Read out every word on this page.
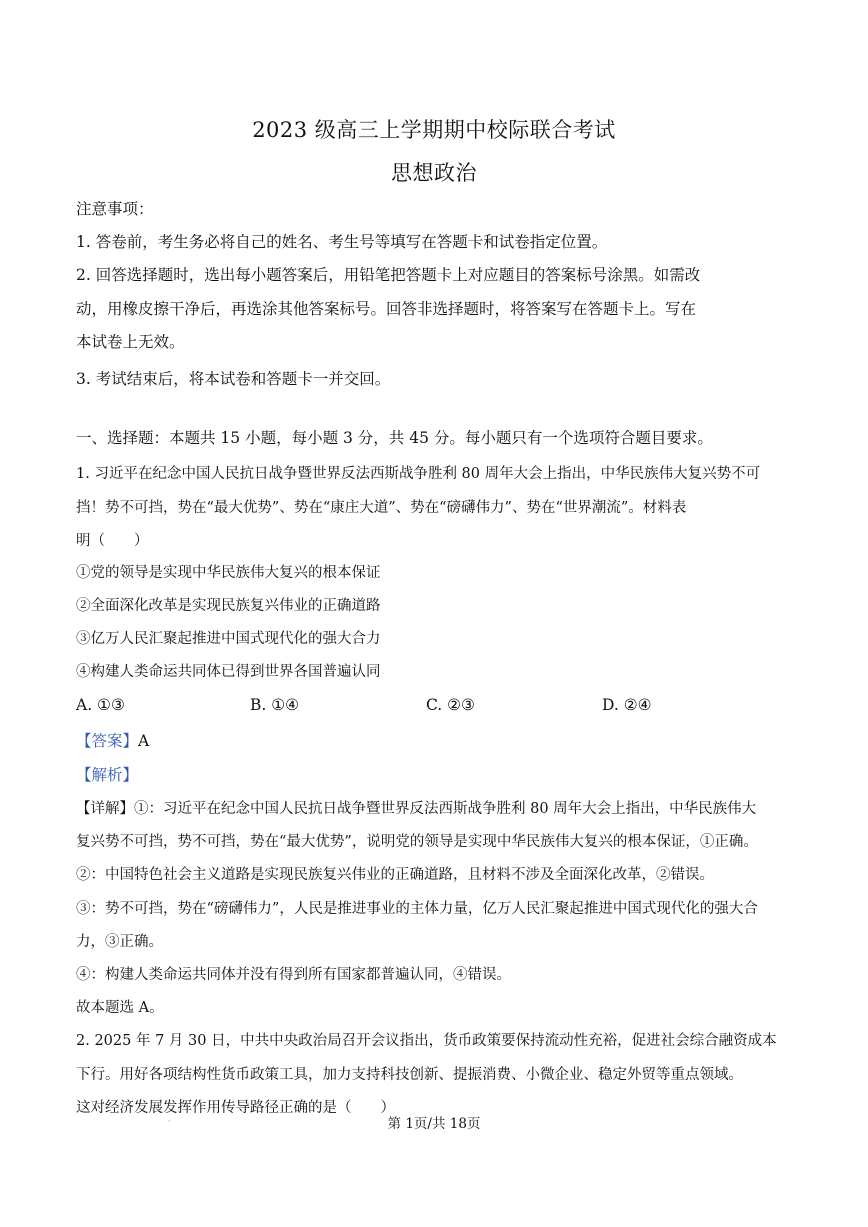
2023 级高三上学期期中校际联合考试
思想政治
注意事项：
1. 答卷前，考生务必将自己的姓名、考生号等填写在答题卡和试卷指定位置。
2. 回答选择题时，选出每小题答案后，用铅笔把答题卡上对应题目的答案标号涂黑。如需改
动，用橡皮擦干净后，再选涂其他答案标号。回答非选择题时，将答案写在答题卡上。写在
本试卷上无效。
3. 考试结束后，将本试卷和答题卡一并交回。
一、选择题：本题共 15 小题，每小题 3 分，共 45 分。每小题只有一个选项符合题目要求。
1. 习近平在纪念中国人民抗日战争暨世界反法西斯战争胜利 80 周年大会上指出，中华民族伟大复兴势不可
挡！势不可挡，势在“最大优势”、势在“康庄大道”、势在“磅礴伟力”、势在“世界潮流”。材料表
明（　　）
①党的领导是实现中华民族伟大复兴的根本保证
②全面深化改革是实现民族复兴伟业的正确道路
③亿万人民汇聚起推进中国式现代化的强大合力
④构建人类命运共同体已得到世界各国普遍认同
A. ①③	B. ①④	C. ②③	D. ②④
【答案】A
【解析】
【详解】①：习近平在纪念中国人民抗日战争暨世界反法西斯战争胜利 80 周年大会上指出，中华民族伟大
复兴势不可挡，势不可挡，势在“最大优势”，说明党的领导是实现中华民族伟大复兴的根本保证，①正确。
②：中国特色社会主义道路是实现民族复兴伟业的正确道路，且材料不涉及全面深化改革，②错误。
③：势不可挡，势在“磅礴伟力”，人民是推进事业的主体力量，亿万人民汇聚起推进中国式现代化的强大合
力，③正确。
④：构建人类命运共同体并没有得到所有国家都普遍认同，④错误。
故本题选 A。
2. 2025 年 7 月 30 日，中共中央政治局召开会议指出，货币政策要保持流动性充裕，促进社会综合融资成本
下行。用好各项结构性货币政策工具，加力支持科技创新、提振消费、小微企业、稳定外贸等重点领域。
这对经济发展发挥作用传导路径正确的是（　　）
·	第 1页/共 18页
